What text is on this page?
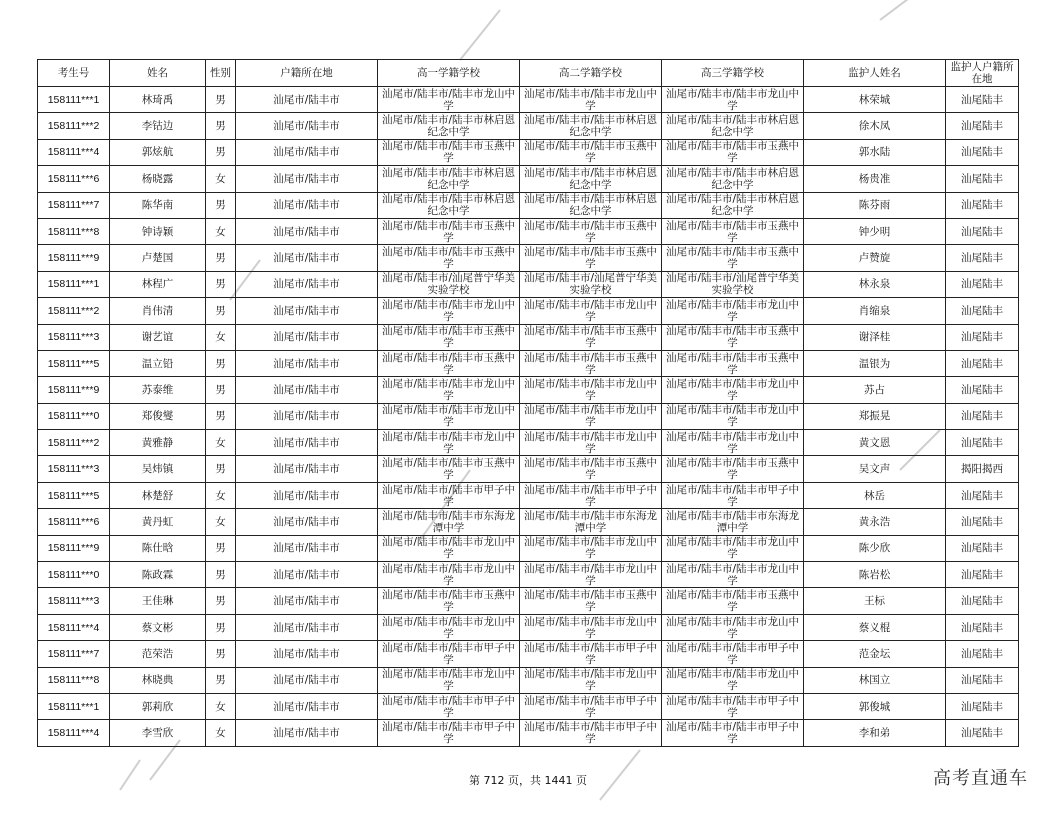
考生号	姓名	性别	户籍所在地	高一学籍学校	高二学籍学校	高三学籍学校	监护人姓名	监护人户籍所在地
158111***1	林琦禹	男	汕尾市/陆丰市	汕尾市/陆丰市/陆丰市龙山中学	汕尾市/陆丰市/陆丰市龙山中学	汕尾市/陆丰市/陆丰市龙山中学	林荣城	汕尾陆丰
158111***2	李钴边	男	汕尾市/陆丰市	汕尾市/陆丰市/陆丰市林启恩纪念中学	汕尾市/陆丰市/陆丰市林启恩纪念中学	汕尾市/陆丰市/陆丰市林启恩纪念中学	徐木凤	汕尾陆丰
158111***4	郭炫航	男	汕尾市/陆丰市	汕尾市/陆丰市/陆丰市玉燕中学	汕尾市/陆丰市/陆丰市玉燕中学	汕尾市/陆丰市/陆丰市玉燕中学	郭水陆	汕尾陆丰
158111***6	杨晓露	女	汕尾市/陆丰市	汕尾市/陆丰市/陆丰市林启恩纪念中学	汕尾市/陆丰市/陆丰市林启恩纪念中学	汕尾市/陆丰市/陆丰市林启恩纪念中学	杨贵准	汕尾陆丰
158111***7	陈华南	男	汕尾市/陆丰市	汕尾市/陆丰市/陆丰市林启恩纪念中学	汕尾市/陆丰市/陆丰市林启恩纪念中学	汕尾市/陆丰市/陆丰市林启恩纪念中学	陈芬雨	汕尾陆丰
158111***8	钟诗颖	女	汕尾市/陆丰市	汕尾市/陆丰市/陆丰市玉燕中学	汕尾市/陆丰市/陆丰市玉燕中学	汕尾市/陆丰市/陆丰市玉燕中学	钟少明	汕尾陆丰
158111***9	卢楚国	男	汕尾市/陆丰市	汕尾市/陆丰市/陆丰市玉燕中学	汕尾市/陆丰市/陆丰市玉燕中学	汕尾市/陆丰市/陆丰市玉燕中学	卢赞旋	汕尾陆丰
158111***1	林程广	男	汕尾市/陆丰市	汕尾市/陆丰市/汕尾普宁华美实验学校	汕尾市/陆丰市/汕尾普宁华美实验学校	汕尾市/陆丰市/汕尾普宁华美实验学校	林永泉	汕尾陆丰
158111***2	肖伟清	男	汕尾市/陆丰市	汕尾市/陆丰市/陆丰市龙山中学	汕尾市/陆丰市/陆丰市龙山中学	汕尾市/陆丰市/陆丰市龙山中学	肖缩泉	汕尾陆丰
158111***3	谢艺谊	女	汕尾市/陆丰市	汕尾市/陆丰市/陆丰市玉燕中学	汕尾市/陆丰市/陆丰市玉燕中学	汕尾市/陆丰市/陆丰市玉燕中学	谢泽桂	汕尾陆丰
158111***5	温立铅	男	汕尾市/陆丰市	汕尾市/陆丰市/陆丰市玉燕中学	汕尾市/陆丰市/陆丰市玉燕中学	汕尾市/陆丰市/陆丰市玉燕中学	温银为	汕尾陆丰
158111***9	苏泰维	男	汕尾市/陆丰市	汕尾市/陆丰市/陆丰市龙山中学	汕尾市/陆丰市/陆丰市龙山中学	汕尾市/陆丰市/陆丰市龙山中学	苏占	汕尾陆丰
158111***0	郑俊燮	男	汕尾市/陆丰市	汕尾市/陆丰市/陆丰市龙山中学	汕尾市/陆丰市/陆丰市龙山中学	汕尾市/陆丰市/陆丰市龙山中学	郑振晃	汕尾陆丰
158111***2	黄雅静	女	汕尾市/陆丰市	汕尾市/陆丰市/陆丰市龙山中学	汕尾市/陆丰市/陆丰市龙山中学	汕尾市/陆丰市/陆丰市龙山中学	黄文恩	汕尾陆丰
158111***3	吴炜镇	男	汕尾市/陆丰市	汕尾市/陆丰市/陆丰市玉燕中学	汕尾市/陆丰市/陆丰市玉燕中学	汕尾市/陆丰市/陆丰市玉燕中学	吴文声	揭阳揭西
158111***5	林楚舒	女	汕尾市/陆丰市	汕尾市/陆丰市/陆丰市甲子中学	汕尾市/陆丰市/陆丰市甲子中学	汕尾市/陆丰市/陆丰市甲子中学	林岳	汕尾陆丰
158111***6	黄丹虹	女	汕尾市/陆丰市	汕尾市/陆丰市/陆丰市东海龙潭中学	汕尾市/陆丰市/陆丰市东海龙潭中学	汕尾市/陆丰市/陆丰市东海龙潭中学	黄永浩	汕尾陆丰
158111***9	陈仕晗	男	汕尾市/陆丰市	汕尾市/陆丰市/陆丰市龙山中学	汕尾市/陆丰市/陆丰市龙山中学	汕尾市/陆丰市/陆丰市龙山中学	陈少欣	汕尾陆丰
158111***0	陈政霖	男	汕尾市/陆丰市	汕尾市/陆丰市/陆丰市龙山中学	汕尾市/陆丰市/陆丰市龙山中学	汕尾市/陆丰市/陆丰市龙山中学	陈岩松	汕尾陆丰
158111***3	王佳琳	男	汕尾市/陆丰市	汕尾市/陆丰市/陆丰市玉燕中学	汕尾市/陆丰市/陆丰市玉燕中学	汕尾市/陆丰市/陆丰市玉燕中学	王标	汕尾陆丰
158111***4	蔡文彬	男	汕尾市/陆丰市	汕尾市/陆丰市/陆丰市龙山中学	汕尾市/陆丰市/陆丰市龙山中学	汕尾市/陆丰市/陆丰市龙山中学	蔡义棍	汕尾陆丰
158111***7	范荣浩	男	汕尾市/陆丰市	汕尾市/陆丰市/陆丰市甲子中学	汕尾市/陆丰市/陆丰市甲子中学	汕尾市/陆丰市/陆丰市甲子中学	范金坛	汕尾陆丰
158111***8	林晓典	男	汕尾市/陆丰市	汕尾市/陆丰市/陆丰市龙山中学	汕尾市/陆丰市/陆丰市龙山中学	汕尾市/陆丰市/陆丰市龙山中学	林国立	汕尾陆丰
158111***1	郭莉欣	女	汕尾市/陆丰市	汕尾市/陆丰市/陆丰市甲子中学	汕尾市/陆丰市/陆丰市甲子中学	汕尾市/陆丰市/陆丰市甲子中学	郭俊城	汕尾陆丰
158111***4	李雪欣	女	汕尾市/陆丰市	汕尾市/陆丰市/陆丰市甲子中学	汕尾市/陆丰市/陆丰市甲子中学	汕尾市/陆丰市/陆丰市甲子中学	李和弟	汕尾陆丰
第 712 页，共 1441 页	高考直通车
